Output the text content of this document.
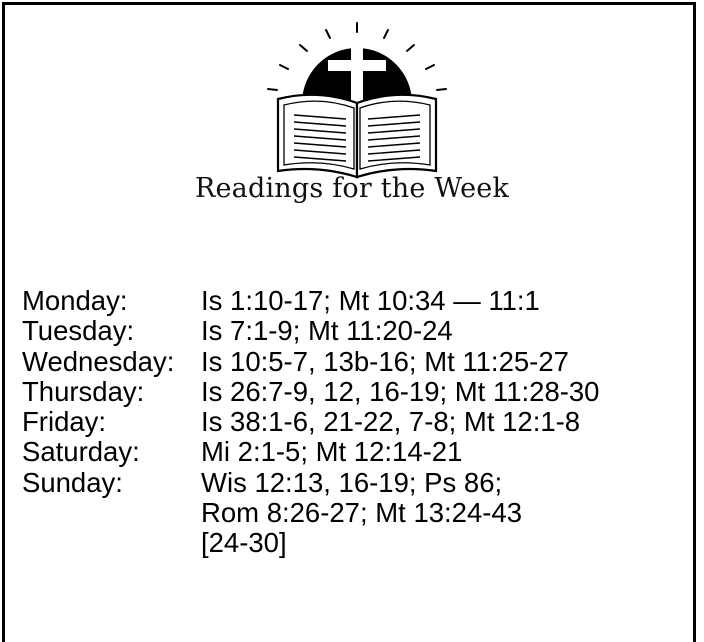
Readings for the Week
Monday:	Is 1:10-17; Mt 10:34 — 11:1
Tuesday:	Is 7:1-9; Mt 11:20-24
Wednesday: Is 10:5-7, 13b-16; Mt 11:25-27
Thursday:	Is 26:7-9, 12, 16-19; Mt 11:28-30
Friday:	Is 38:1-6, 21-22, 7-8; Mt 12:1-8
Saturday:	Mi 2:1-5; Mt 12:14-21
Sunday:	Wis 12:13, 16-19; Ps 86;
Rom 8:26-27; Mt 13:24-43
[24-30]
